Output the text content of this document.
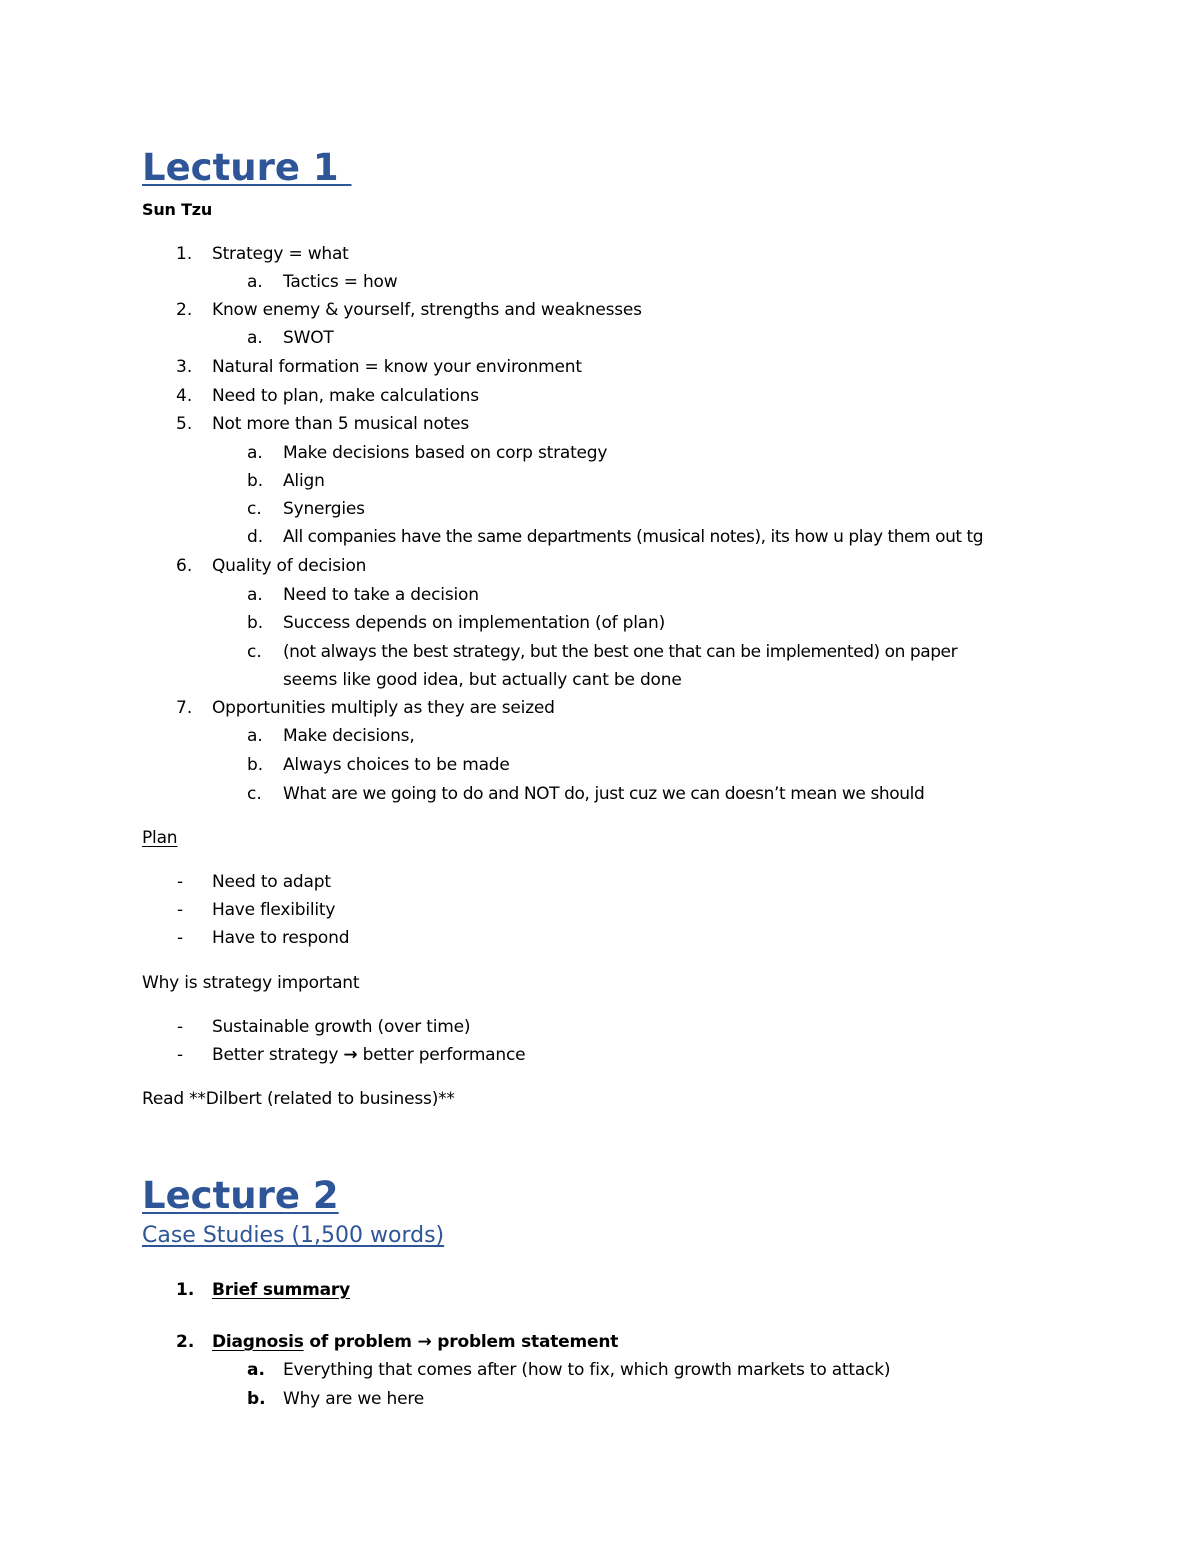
Lecture 1
Sun Tzu
1. Strategy = what
a. Tactics = how
2. Know enemy & yourself, strengths and weaknesses
a. SWOT
3. Natural formation = know your environment
4. Need to plan, make calculations
5. Not more than 5 musical notes
a. Make decisions based on corp strategy
b. Align
c. Synergies
d. All companies have the same departments (musical notes), its how u play them out tg
6. Quality of decision
a. Need to take a decision
b. Success depends on implementation (of plan)
c. (not always the best strategy, but the best one that can be implemented) on paper
seems like good idea, but actually cant be done
7. Opportunities multiply as they are seized
a. Make decisions,
b. Always choices to be made
c. What are we going to do and NOT do, just cuz we can doesn’t mean we should
Plan
- Need to adapt
- Have flexibility
- Have to respond
Why is strategy important
- Sustainable growth (over time)
- Better strategy → better performance
Read **Dilbert (related to business)**
Lecture 2
Case Studies (1,500 words)
1. Brief summary
2. Diagnosis of problem → problem statement
a. Everything that comes after (how to fix, which growth markets to attack)
b. Why are we here
